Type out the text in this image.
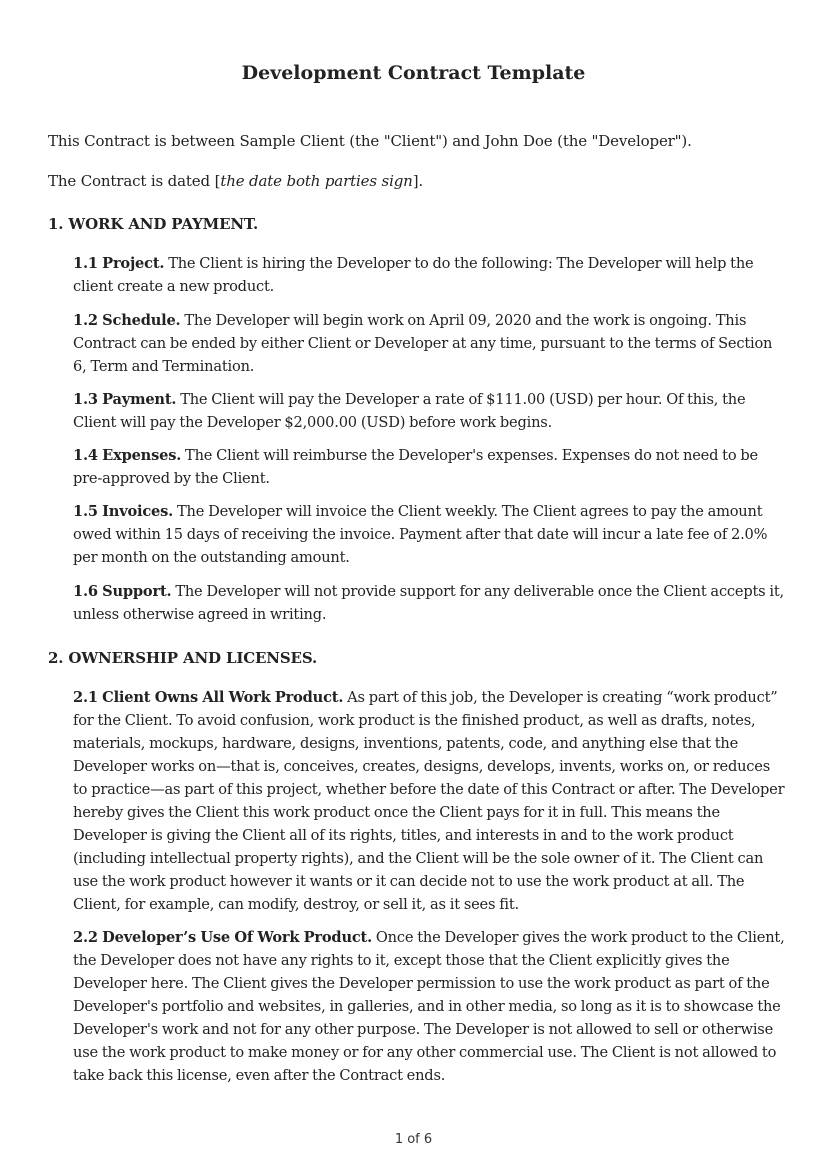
Development Contract Template
This Contract is between Sample Client (the "Client") and John Doe (the "Developer").
The Contract is dated [the date both parties sign].
1. WORK AND PAYMENT.
1.1 Project. The Client is hiring the Developer to do the following: The Developer will help the client create a new product.
1.2 Schedule. The Developer will begin work on April 09, 2020 and the work is ongoing. This Contract can be ended by either Client or Developer at any time, pursuant to the terms of Section 6, Term and Termination.
1.3 Payment. The Client will pay the Developer a rate of $111.00 (USD) per hour. Of this, the Client will pay the Developer $2,000.00 (USD) before work begins.
1.4 Expenses. The Client will reimburse the Developer's expenses. Expenses do not need to be pre-approved by the Client.
1.5 Invoices. The Developer will invoice the Client weekly. The Client agrees to pay the amount owed within 15 days of receiving the invoice. Payment after that date will incur a late fee of 2.0% per month on the outstanding amount.
1.6 Support. The Developer will not provide support for any deliverable once the Client accepts it, unless otherwise agreed in writing.
2. OWNERSHIP AND LICENSES.
2.1 Client Owns All Work Product. As part of this job, the Developer is creating “work product” for the Client. To avoid confusion, work product is the finished product, as well as drafts, notes, materials, mockups, hardware, designs, inventions, patents, code, and anything else that the Developer works on—that is, conceives, creates, designs, develops, invents, works on, or reduces to practice—as part of this project, whether before the date of this Contract or after. The Developer hereby gives the Client this work product once the Client pays for it in full. This means the Developer is giving the Client all of its rights, titles, and interests in and to the work product (including intellectual property rights), and the Client will be the sole owner of it. The Client can use the work product however it wants or it can decide not to use the work product at all. The Client, for example, can modify, destroy, or sell it, as it sees fit.
2.2 Developer’s Use Of Work Product. Once the Developer gives the work product to the Client, the Developer does not have any rights to it, except those that the Client explicitly gives the Developer here. The Client gives the Developer permission to use the work product as part of the Developer's portfolio and websites, in galleries, and in other media, so long as it is to showcase the Developer's work and not for any other purpose. The Developer is not allowed to sell or otherwise use the work product to make money or for any other commercial use. The Client is not allowed to take back this license, even after the Contract ends.
1 of 6
